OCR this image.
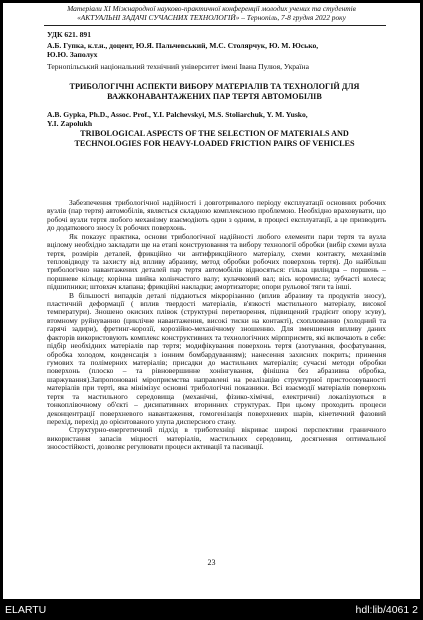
Матеріали XI Міжнародної науково-практичної конференції молодих учених та студентів
«АКТУАЛЬНІ ЗАДАЧІ СУЧАСНИХ ТЕХНОЛОГІЙ» – Тернопіль, 7-8 грудня 2022 року
УДК 621. 891
А.Б. Гупка, к.т.н., доцент, Ю.Я. Пальчевський, М.С. Столярчук, Ю. М. Юсько,
Ю.Ю. Заполух
Тернопільський національний технічний університет імені Івана Пулюя, Україна
ТРИБОЛОГІЧНІ АСПЕКТИ ВИБОРУ МАТЕРІАЛІВ ТА ТЕХНОЛОГІЙ ДЛЯ
ВАЖКОНАВАНТАЖЕНИХ ПАР ТЕРТЯ АВТОМОБІЛІВ
A.B. Gypka, Ph.D., Assoc. Prof., Y.I. Palchevskyi, M.S. Stoliarchuk, Y. M. Yusko,
Y.I. Zapolukh
TRIBOLOGICAL ASPECTS OF THE SELECTION OF MATERIALS AND
TECHNOLOGIES FOR HEAVY-LOADED FRICTION PAIRS OF VEHICLES

Забезпечення трибологічної надійності і довготривалого періоду експлуатації основних робочих вузлів (пар тертя) автомобілів, являється складною комплексною проблемою. Необхідно враховувати, що робочі вузли тертя любого механізму взаємодіють один з одним, в процесі експлуатації, а це призводить до додаткового зносу їх робочих поверхонь.

Як показує практика, основи трибологічної надійності любого елементи пари тертя та вузла вцілому необхідно закладати ще на етапі конструювання та вибору технології обробки (вибір схеми вузла тертя, розмірів деталей, фрикційно чи антифрикційного матеріалу, схеми контакту, механізмів тепловідводу та захисту від впливу абразиву, метод обробки робочих поверхонь тертя). До найбільш трибологічно навантажених деталей пар тертя автомобілів відносяться: гільза циліндра – поршень – поршневе кільце; корінна шийка колінчастого валу; кулачковий вал; вісь коромисла; зубчасті колеса; підшипники; штовхач клапана; фрикційні накладки; амортизатори; опори рульової тяги та інші.

В більшості випадків деталі піддаються мікрорізанню (вплив абразиву та продуктів зносу), пластичній деформації ( вплив твердості матеріалів, в'язкості мастильного матеріалу, високої температури). Зношено окисних плівок (структурні перетворення, підвищений градієнт опору зсуву), втомному руйнуванню (циклічне навантаження, високі тиски на контакті), схоплюванню (холодний та гарячі задири), фретинг-корозії, корозійно-механічному зношенню. Для зменшення впливу даних факторів використовують комплекс конструктивних та технологічних мірпприємтв, які включають в себе: підбір необхідних матеріалів пар тертя; модифікування поверхонь тертя (азотування, фосфатування, обробка холодом, конденсація з іонним бомбардуванням); нанесення захисних покрить; принення гумових та полімерних матеріалів; присадки до мастильних матеріалів; сучасні методи обробки поверхонь (плоско – та рівновершинне хонінгування, фінішна без абразивна обробка, шаржування).Запропоновані міроприємства направлені на реалізацію структурної пристосовуваності матеріалів при терті, яка мінімізує основні трибологічні показники. Всі взаємодії матеріалів поверхонь тертя та мастильного середовища (механічні, фізико-хімічні, електричні) локалізуються в тонкоплівочному об'єкті – дисипативних вторинних структурах. При цьому проходить процеси деконцентрації поверхневого навантаження, гомогенізація поверхневих шарів, кінетичний фазовий перехід, перехід до орієнтованого улупа дисперсного стану.

Структурно-енергетичний підхід в триботехніці вікриває широкі перспективи граничного використання запасів міцності матеріалів, мастильних середовищ, досягнення оптимальної зносостійкості, дозволяє регулювати процеси активації та пасивації.

23
ELARTU	hdl:lib/4061 2
